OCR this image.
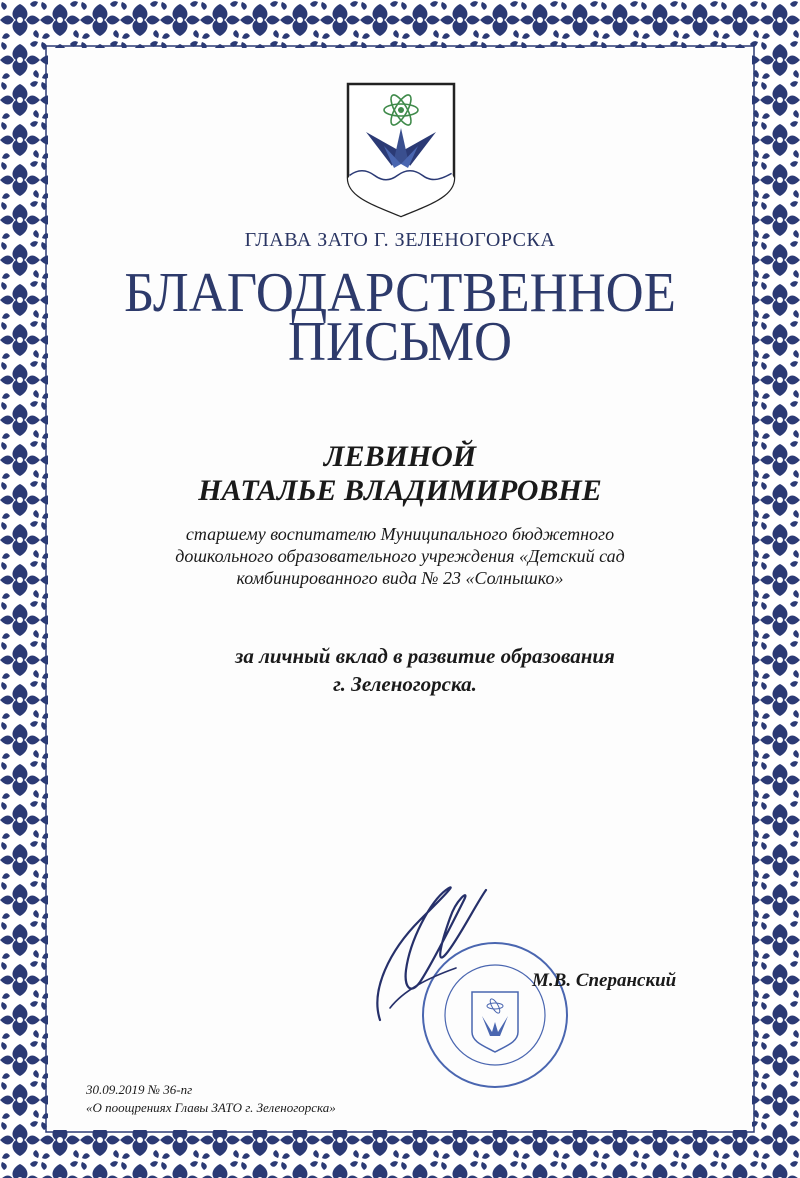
ГЛАВА ЗАТО Г. ЗЕЛЕНОГОРСКА
БЛАГОДАРСТВЕННОЕ
ПИСЬМО
ЛЕВИНОЙ
НАТАЛЬЕ ВЛАДИМИРОВНЕ
старшему воспитателю Муниципального бюджетного
дошкольного образовательного учреждения «Детский сад
комбинированного вида № 23 «Солнышко»
за личный вклад в развитие образования
г. Зеленогорска.
М.В. Сперанский
30.09.2019 № 36-пг
«О поощрениях Главы ЗАТО г. Зеленогорска»
